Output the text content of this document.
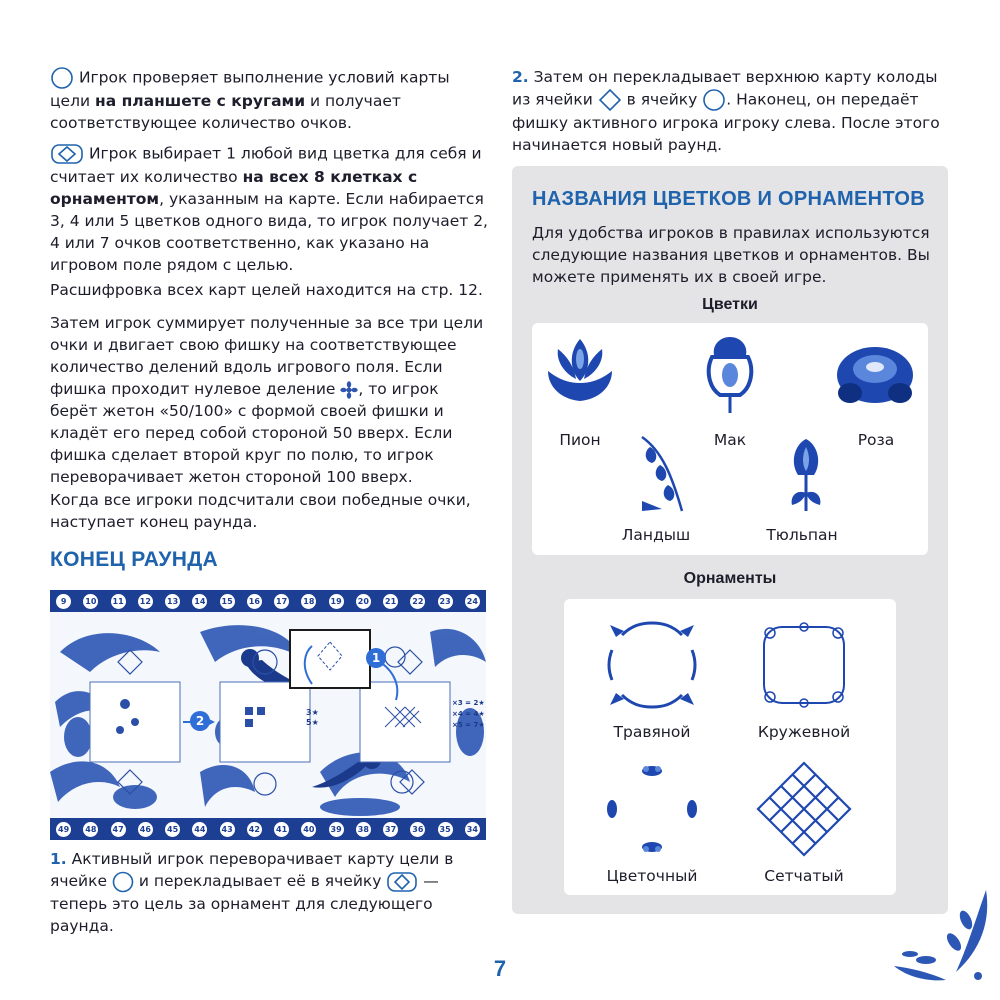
Игрок проверяет выполнение условий карты цели на планшете с кругами и получает соответствующее количество очков.
Игрок выбирает 1 любой вид цветка для себя и считает их количество на всех 8 клетках с орнаментом, указанным на карте. Если набирается 3, 4 или 5 цветков одного вида, то игрок получает 2, 4 или 7 очков соответственно, как указано на игровом поле рядом с целью.
Расшифровка всех карт целей находится на стр. 12.
Затем игрок суммирует полученные за все три цели очки и двигает свою фишку на соответствующее количество делений вдоль игрового поля. Если фишка проходит нулевое деление , то игрок берёт жетон «50/100» с формой своей фишки и кладёт его перед собой стороной 50 вверх. Если фишка сделает второй круг по полю, то игрок переворачивает жетон стороной 100 вверх.
Когда все игроки подсчитали свои победные очки, наступает конец раунда.
КОНЕЦ РАУНДА
9	10 11 12 13 14 15 16 17 18 19 20 21 22 23 24
1
2
3★
5★
×3 = 2★
×4 = 4★
×5 = 7★
49 48 47 46 45 44 43 42 41 40 39 38 37 36 35 34
1. Активный игрок переворачивает карту цели в ячейке  и перекладывает её в ячейку  — теперь это цель за орнамент для следующего раунда.
2. Затем он перекладывает верхнюю карту колоды из ячейки  в ячейку . Наконец, он передаёт фишку активного игрока игроку слева. После этого начинается новый раунд.
НАЗВАНИЯ ЦВЕТКОВ И ОРНАМЕНТОВ
Для удобства игроков в правилах используются следующие названия цветков и орнаментов. Вы можете применять их в своей игре.
Цветки
Пион	Мак	Роза
Ландыш	Тюльпан
Орнаменты
Травяной	Кружевной
Цветочный	Сетчатый
7
